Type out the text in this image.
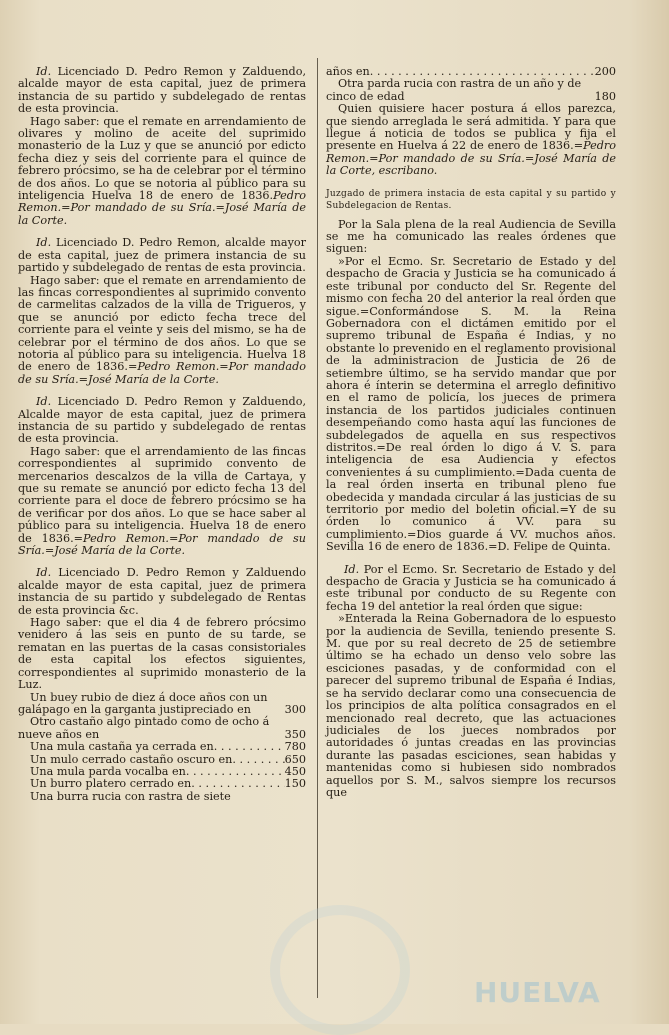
Id. Licenciado D. Pedro Remon y Zalduendo, alcalde mayor de esta capital, juez de primera instancia de su partido y subdelegado de rentas de esta provincia.

Hago saber: que el remate en arrendamiento de olivares y molino de aceite del suprimido monasterio de la Luz y que se anunció por edicto fecha diez y seis del corriente para el quince de febrero prócsimo, se ha de celebrar por el término de dos años. Lo que se notoria al público para su inteligencia Huelva 18 de enero de 1836.Pedro Remon.=Por mandado de su Sría.=José María de la Corte.

Id. Licenciado D. Pedro Remon, alcalde mayor de esta capital, juez de primera instancia de su partido y subdelegado de rentas de esta provincia.

Hago saber: que el remate en arrendamiento de las fincas correspondientes al suprimido convento de carmelitas calzados de la villa de Trigueros, y que se anunció por edicto fecha trece del corriente para el veinte y seis del mismo, se ha de celebrar por el término de dos años. Lo que se notoria al público para su inteligencia. Huelva 18 de enero de 1836.=Pedro Remon.=Por mandado de su Sría.=José María de la Corte.

Id. Licenciado D. Pedro Remon y Zalduendo, Alcalde mayor de esta capital, juez de primera instancia de su partido y subdelegado de rentas de esta provincia.

Hago saber: que el arrendamiento de las fincas correspondientes al suprimido convento de mercenarios descalzos de la villa de Cartaya, y que su remate se anunció por edicto fecha 13 del corriente para el doce de febrero prócsimo se ha de verificar por dos años. Lo que se hace saber al público para su inteligencia. Huelva 18 de enero de 1836.=Pedro Remon.=Por mandado de su Sría.=José María de la Corte.

Id. Licenciado D. Pedro Remon y Zalduendo alcalde mayor de esta capital, juez de primera instancia de su partido y subdelegado de Rentas de esta provincia &c.

Hago saber: que el dia 4 de febrero prócsimo venidero á las seis en punto de su tarde, se rematan en las puertas de la casas consistoriales de esta capital los efectos siguientes, correspondientes al suprimido monasterio de la Luz.

Un buey rubio de diez á doce años con un galápago en la garganta justipreciado en	300
Otro castaño algo pintado como de ocho á nueve años en	350
Una mula castaña ya cerrada en . . .	780
Un mulo cerrado castaño oscuro en . . .	650
Una mula parda vocalba en . . .	450
Un burro platero cerrado en . . .	150
Una burra rucia con rastra de siete
años en . . .	200
Otra parda rucia con rastra de un año y de cinco de edad	180

Quien quisiere hacer postura á ellos parezca, que siendo arreglada le será admitida. Y para que llegue á noticia de todos se publica y fija el presente en Huelva á 22 de enero de 1836.=Pedro Remon.=Por mandado de su Sría.=José María de la Corte, escribano.

Juzgado de primera instacia de esta capital y su partido y Subdelegacion de Rentas.

Por la Sala plena de la real Audiencia de Sevilla se me ha comunicado las reales órdenes que siguen:

»Por el Ecmo. Sr. Secretario de Estado y del despacho de Gracia y Justicia se ha comunicado á este tribunal por conducto del Sr. Regente del mismo con fecha 20 del anterior la real órden que sigue.=Conformándose S. M. la Reina Gobernadora con el dictámen emitido por el supremo tribunal de España é Indias, y no obstante lo prevenido en el reglamento provisional de la administracion de Justicia de 26 de setiembre último, se ha servido mandar que por ahora é ínterin se determina el arreglo definitivo en el ramo de policía, los jueces de primera instancia de los partidos judiciales continuen desempeñando como hasta aquí las funciones de subdelegados de aquella en sus respectivos distritos.=De real órden lo digo á V. S. para inteligencia de esa Audiencia y efectos convenientes á su cumplimiento.=Dada cuenta de la real órden inserta en tribunal pleno fue obedecida y mandada circular á las justicias de su territorio por medio del boletin oficial.=Y de su órden lo comunico á VV. para su cumplimiento.=Dios guarde á VV. muchos años. Sevilla 16 de enero de 1836.=D. Felipe de Quinta.

Id. Por el Ecmo. Sr. Secretario de Estado y del despacho de Gracia y Justicia se ha comunicado á este tribunal por conducto de su Regente con fecha 19 del antetior la real órden que sigue:

»Enterada la Reina Gobernadora de lo espuesto por la audiencia de Sevilla, teniendo presente S. M. que por su real decreto de 25 de setiembre último se ha echado un denso velo sobre las esciciones pasadas, y de conformidad con el parecer del supremo tribunal de España é Indias, se ha servido declarar como una consecuencia de los principios de alta política consagrados en el mencionado real decreto, que las actuaciones judiciales de los jueces nombrados por autoridades ó juntas creadas en las provincias durante las pasadas esciciones, sean habidas y mantenidas como si hubiesen sido nombrados aquellos por S. M., salvos siempre los recursos que

HUELVA
